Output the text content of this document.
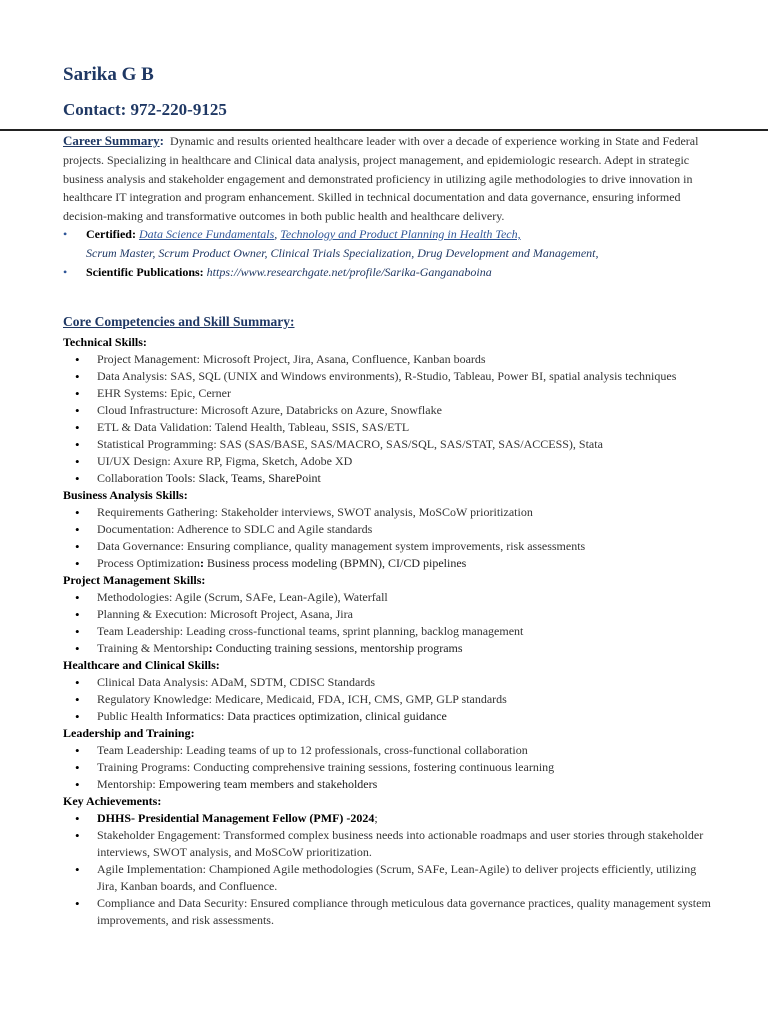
Sarika G B
Contact: 972-220-9125
Career Summary: Dynamic and results oriented healthcare leader with over a decade of experience working in State and Federal projects. Specializing in healthcare and Clinical data analysis, project management, and epidemiologic research. Adept in strategic business analysis and stakeholder engagement and demonstrated proficiency in utilizing agile methodologies to drive innovation in healthcare IT integration and program enhancement. Skilled in technical documentation and data governance, ensuring informed decision-making and transformative outcomes in both public health and healthcare delivery.
• Certified: Data Science Fundamentals, Technology and Product Planning in Health Tech,
Scrum Master, Scrum Product Owner, Clinical Trials Specialization, Drug Development and Management,
• Scientific Publications: https://www.researchgate.net/profile/Sarika-Ganganaboina
Core Competencies and Skill Summary:
Technical Skills:
• Project Management: Microsoft Project, Jira, Asana, Confluence, Kanban boards
• Data Analysis: SAS, SQL (UNIX and Windows environments), R-Studio, Tableau, Power BI, spatial analysis techniques
• EHR Systems: Epic, Cerner
• Cloud Infrastructure: Microsoft Azure, Databricks on Azure, Snowflake
• ETL & Data Validation: Talend Health, Tableau, SSIS, SAS/ETL
• Statistical Programming: SAS (SAS/BASE, SAS/MACRO, SAS/SQL, SAS/STAT, SAS/ACCESS), Stata
• UI/UX Design: Axure RP, Figma, Sketch, Adobe XD
• Collaboration Tools: Slack, Teams, SharePoint
Business Analysis Skills:
• Requirements Gathering: Stakeholder interviews, SWOT analysis, MoSCoW prioritization
• Documentation: Adherence to SDLC and Agile standards
• Data Governance: Ensuring compliance, quality management system improvements, risk assessments
• Process Optimization: Business process modeling (BPMN), CI/CD pipelines
Project Management Skills:
• Methodologies: Agile (Scrum, SAFe, Lean-Agile), Waterfall
• Planning & Execution: Microsoft Project, Asana, Jira
• Team Leadership: Leading cross-functional teams, sprint planning, backlog management
• Training & Mentorship: Conducting training sessions, mentorship programs
Healthcare and Clinical Skills:
• Clinical Data Analysis: ADaM, SDTM, CDISC Standards
• Regulatory Knowledge: Medicare, Medicaid, FDA, ICH, CMS, GMP, GLP standards
• Public Health Informatics: Data practices optimization, clinical guidance
Leadership and Training:
• Team Leadership: Leading teams of up to 12 professionals, cross-functional collaboration
• Training Programs: Conducting comprehensive training sessions, fostering continuous learning
• Mentorship: Empowering team members and stakeholders
Key Achievements:
• DHHS- Presidential Management Fellow (PMF) -2024;
• Stakeholder Engagement: Transformed complex business needs into actionable roadmaps and user stories through stakeholder interviews, SWOT analysis, and MoSCoW prioritization.
• Agile Implementation: Championed Agile methodologies (Scrum, SAFe, Lean-Agile) to deliver projects efficiently, utilizing Jira, Kanban boards, and Confluence.
• Compliance and Data Security: Ensured compliance through meticulous data governance practices, quality management system improvements, and risk assessments.
